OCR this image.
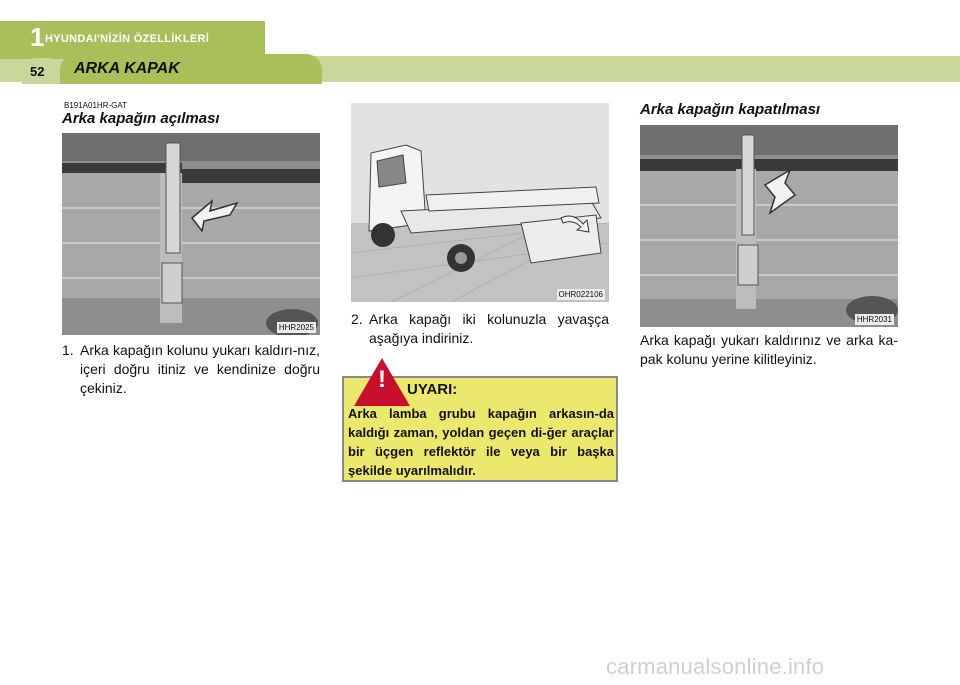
1 HYUNDAI'NİZİN ÖZELLİKLERİ
52 ARKA KAPAK
B191A01HR-GAT
Arka kapağın açılması
HHR2025
1. Arka kapağın kolunu yukarı kaldırı-nız, içeri doğru itiniz ve kendinize doğru çekiniz.
OHR022106
2. Arka kapağı iki kolunuzla yavaşça aşağıya indiriniz.
!	UYARI:
Arka lamba grubu kapağın arkasın-da kaldığı zaman, yoldan geçen di-ğer araçlar bir üçgen reflektör ile veya bir başka şekilde uyarılmalıdır.
Arka kapağın kapatılması
HHR2031
Arka kapağı yukarı kaldırınız ve arka ka-pak kolunu yerine kilitleyiniz.
carmanualsonline.info
